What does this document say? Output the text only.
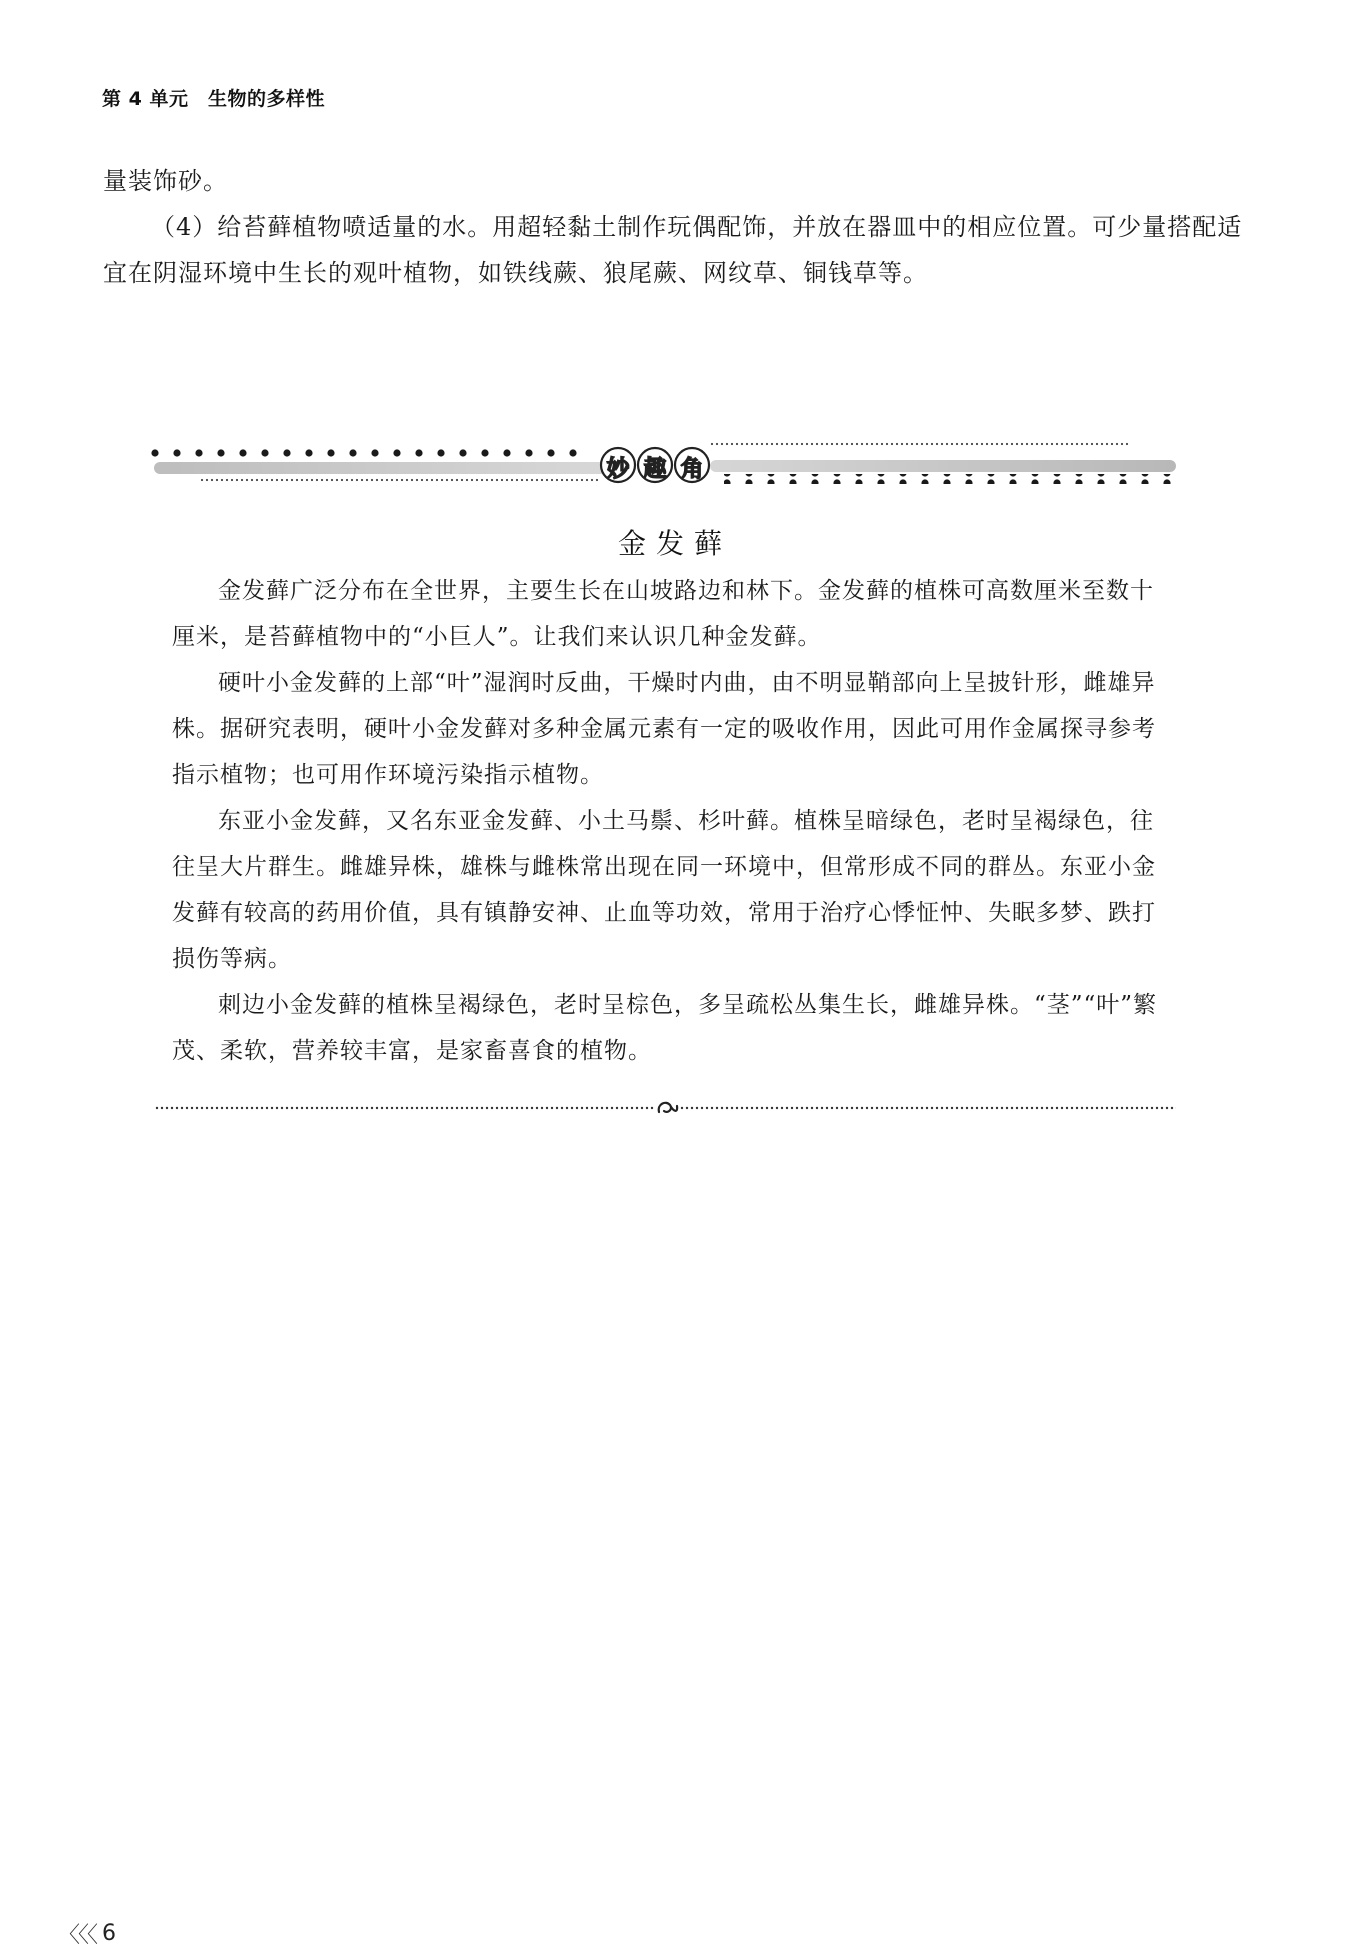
第 4 单元　生物的多样性

量装饰砂。

（4）给苔藓植物喷适量的水。用超轻黏土制作玩偶配饰，并放在器皿中的相应位置。可少量搭配适宜在阴湿环境中生长的观叶植物，如铁线蕨、狼尾蕨、网纹草、铜钱草等。

妙 趣 角
金发藓

金发藓广泛分布在全世界，主要生长在山坡路边和林下。金发藓的植株可高数厘米至数十厘米，是苔藓植物中的“小巨人”。让我们来认识几种金发藓。

硬叶小金发藓的上部“叶”湿润时反曲，干燥时内曲，由不明显鞘部向上呈披针形，雌雄异株。据研究表明，硬叶小金发藓对多种金属元素有一定的吸收作用，因此可用作金属探寻参考指示植物；也可用作环境污染指示植物。

东亚小金发藓，又名东亚金发藓、小土马鬃、杉叶藓。植株呈暗绿色，老时呈褐绿色，往往呈大片群生。雌雄异株，雄株与雌株常出现在同一环境中，但常形成不同的群丛。东亚小金发藓有较高的药用价值，具有镇静安神、止血等功效，常用于治疗心悸怔忡、失眠多梦、跌打损伤等病。

刺边小金发藓的植株呈褐绿色，老时呈棕色，多呈疏松丛集生长，雌雄异株。“茎”“叶”繁茂、柔软，营养较丰富，是家畜喜食的植物。

〈〈〈 6
